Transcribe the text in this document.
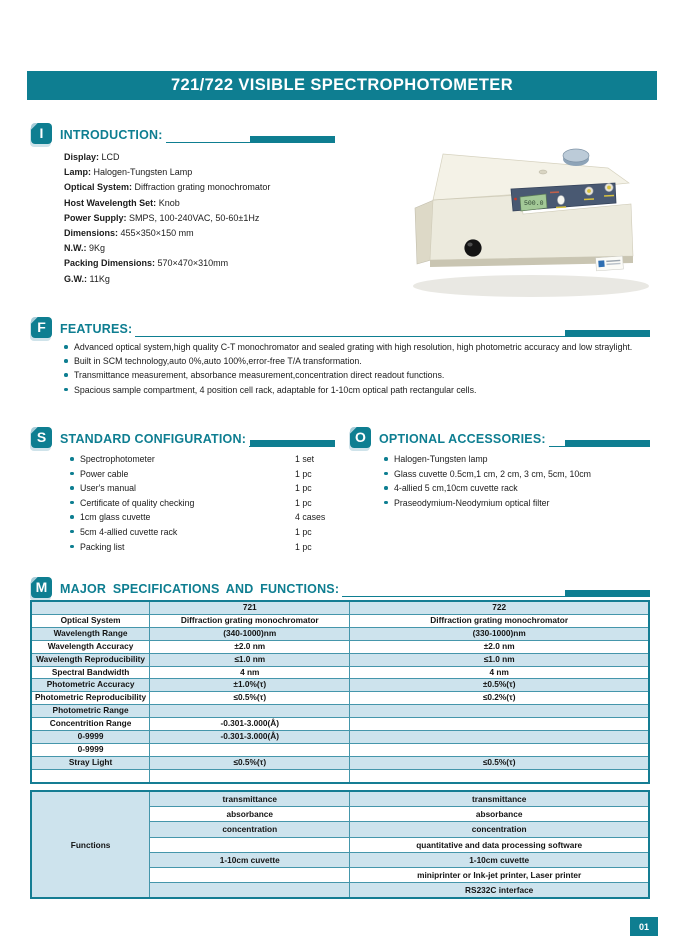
721/722 VISIBLE SPECTROPHOTOMETER
I	INTRODUCTION:
Display: LCD
Lamp: Halogen-Tungsten Lamp
Optical System: Diffraction grating monochromator
Host Wavelength Set: Knob
Power Supply: SMPS, 100-240VAC, 50-60±1Hz
Dimensions: 455×350×150 mm
N.W.: 9Kg
Packing Dimensions: 570×470×310mm
G.W.: 11Kg
500.0
F	FEATURES:
Advanced optical system,high quality C-T monochromator and sealed grating with high resolution, high photometric accuracy and low straylight.
Built in SCM technology,auto 0%,auto 100%,error-free T/A transformation.
Transmittance measurement, absorbance measurement,concentration direct readout functions.
Spacious sample compartment, 4 position cell rack, adaptable for 1-10cm optical path rectangular cells.
S	STANDARD CONFIGURATION:
Spectrophotometer	1 set
Power cable	1 pc
User's manual	1 pc
Certificate of quality checking	1 pc
1cm glass cuvette	4 cases
5cm 4-allied cuvette rack	1 pc
Packing list	1 pc
O	OPTIONAL ACCESSORIES:
Halogen-Tungsten lamp
Glass cuvette 0.5cm,1 cm, 2 cm, 3 cm, 5cm, 10cm
4-allied 5 cm,10cm cuvette rack
Praseodymium-Neodymium optical filter
M	MAJOR SPECIFICATIONS AND FUNCTIONS:
	721	722
Optical System	Diffraction grating monochromator	Diffraction grating monochromator
Wavelength Range	(340-1000)nm	(330-1000)nm
Wavelength Accuracy	±2.0 nm	±2.0 nm
Wavelength Reproducibility	≤1.0 nm	≤1.0 nm
Spectral Bandwidth	4 nm	4 nm
Photometric Accuracy	±1.0%(τ)	±0.5%(τ)
Photometric Reproducibility	≤0.5%(τ)	≤0.2%(τ)
Photometric Range		
Concentrition Range	-0.301-3.000(Å)	
0-9999	-0.301-3.000(Å)	
0-9999		
Stray Light	≤0.5%(τ)	≤0.5%(τ)

Functions	transmittance	transmittance
	absorbance	absorbance
	concentration	concentration
		quantitative and data processing software
	1-10cm cuvette	1-10cm cuvette
		miniprinter or Ink-jet printer, Laser printer
		RS232C interface
01
